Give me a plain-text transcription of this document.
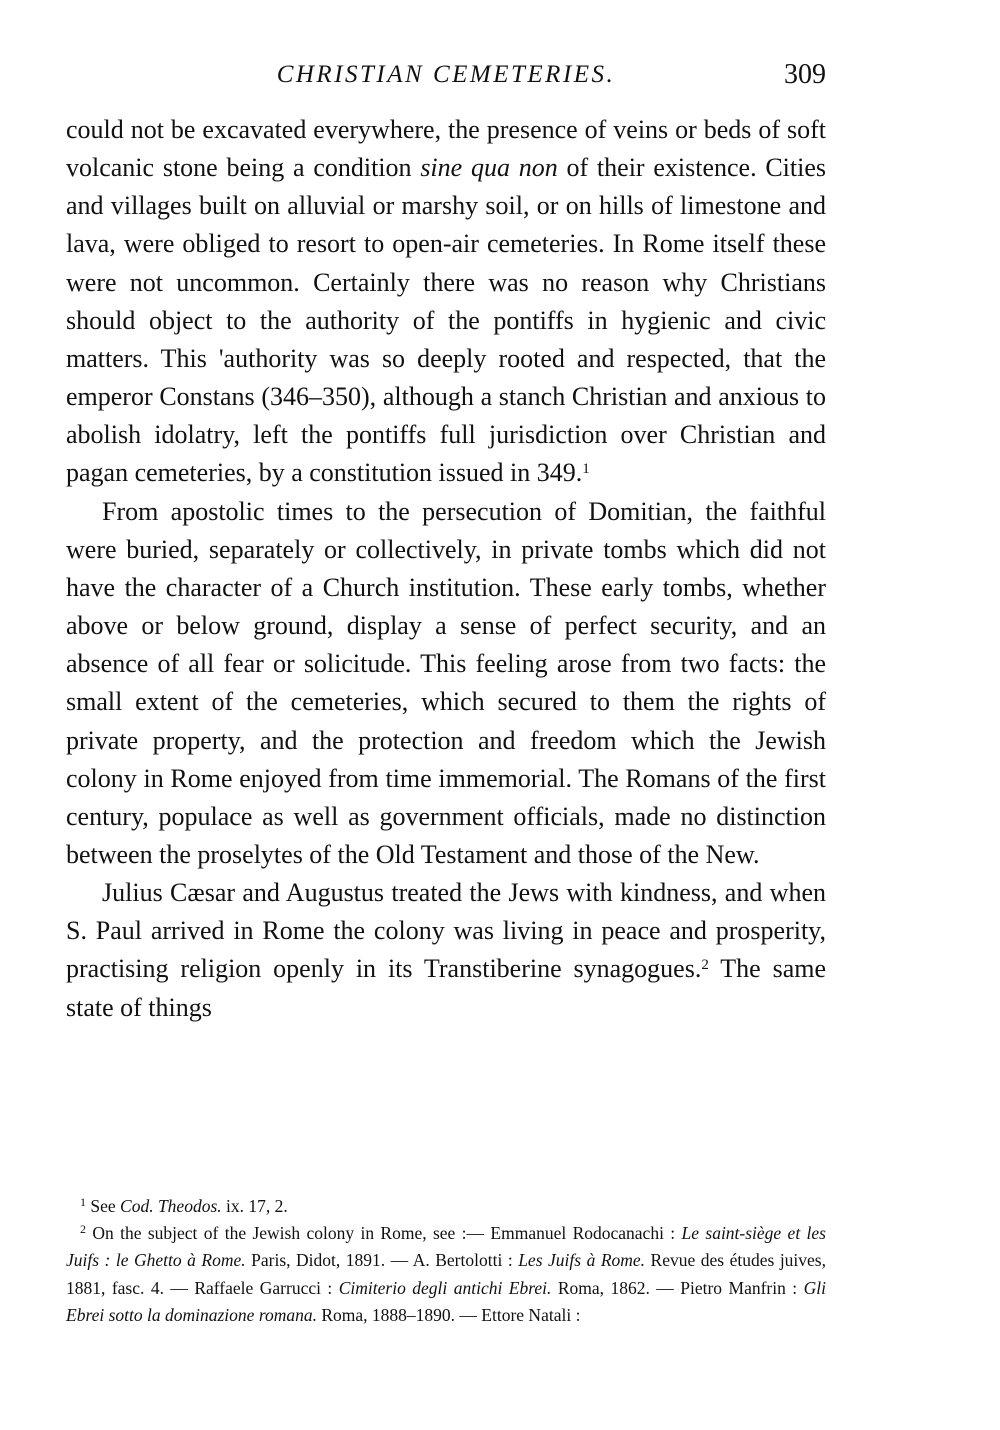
CHRISTIAN CEMETERIES.	309

could not be excavated everywhere, the presence of veins or beds of soft volcanic stone being a condition sine qua non of their existence. Cities and villages built on alluvial or marshy soil, or on hills of limestone and lava, were obliged to resort to open-air cemeteries. In Rome itself these were not uncommon. Certainly there was no reason why Christians should object to the authority of the pontiffs in hygienic and civic matters. This 'authority was so deeply rooted and respected, that the emperor Constans (346–350), although a stanch Christian and anxious to abolish idolatry, left the pontiffs full jurisdiction over Christian and pagan cemeteries, by a constitution issued in 349.$^1$

From apostolic times to the persecution of Domitian, the faithful were buried, separately or collectively, in private tombs which did not have the character of a Church institution. These early tombs, whether above or below ground, display a sense of perfect security, and an absence of all fear or solicitude. This feeling arose from two facts: the small extent of the cemeteries, which secured to them the rights of private property, and the protection and freedom which the Jewish colony in Rome enjoyed from time immemorial. The Romans of the first century, populace as well as government officials, made no distinction between the proselytes of the Old Testament and those of the New.

Julius Cæsar and Augustus treated the Jews with kindness, and when S. Paul arrived in Rome the colony was living in peace and prosperity, practising religion openly in its Transtiberine synagogues.$^2$ The same state of things

$^1$ See Cod. Theodos. ix. 17, 2.

$^2$ On the subject of the Jewish colony in Rome, see :— Emmanuel Rodocanachi : Le saint-siège et les Juifs : le Ghetto à Rome. Paris, Didot, 1891. — A. Bertolotti : Les Juifs à Rome. Revue des études juives, 1881, fasc. 4. — Raffaele Garrucci : Cimiterio degli antichi Ebrei. Roma, 1862. — Pietro Manfrin : Gli Ebrei sotto la dominazione romana. Roma, 1888–1890. — Ettore Natali :
